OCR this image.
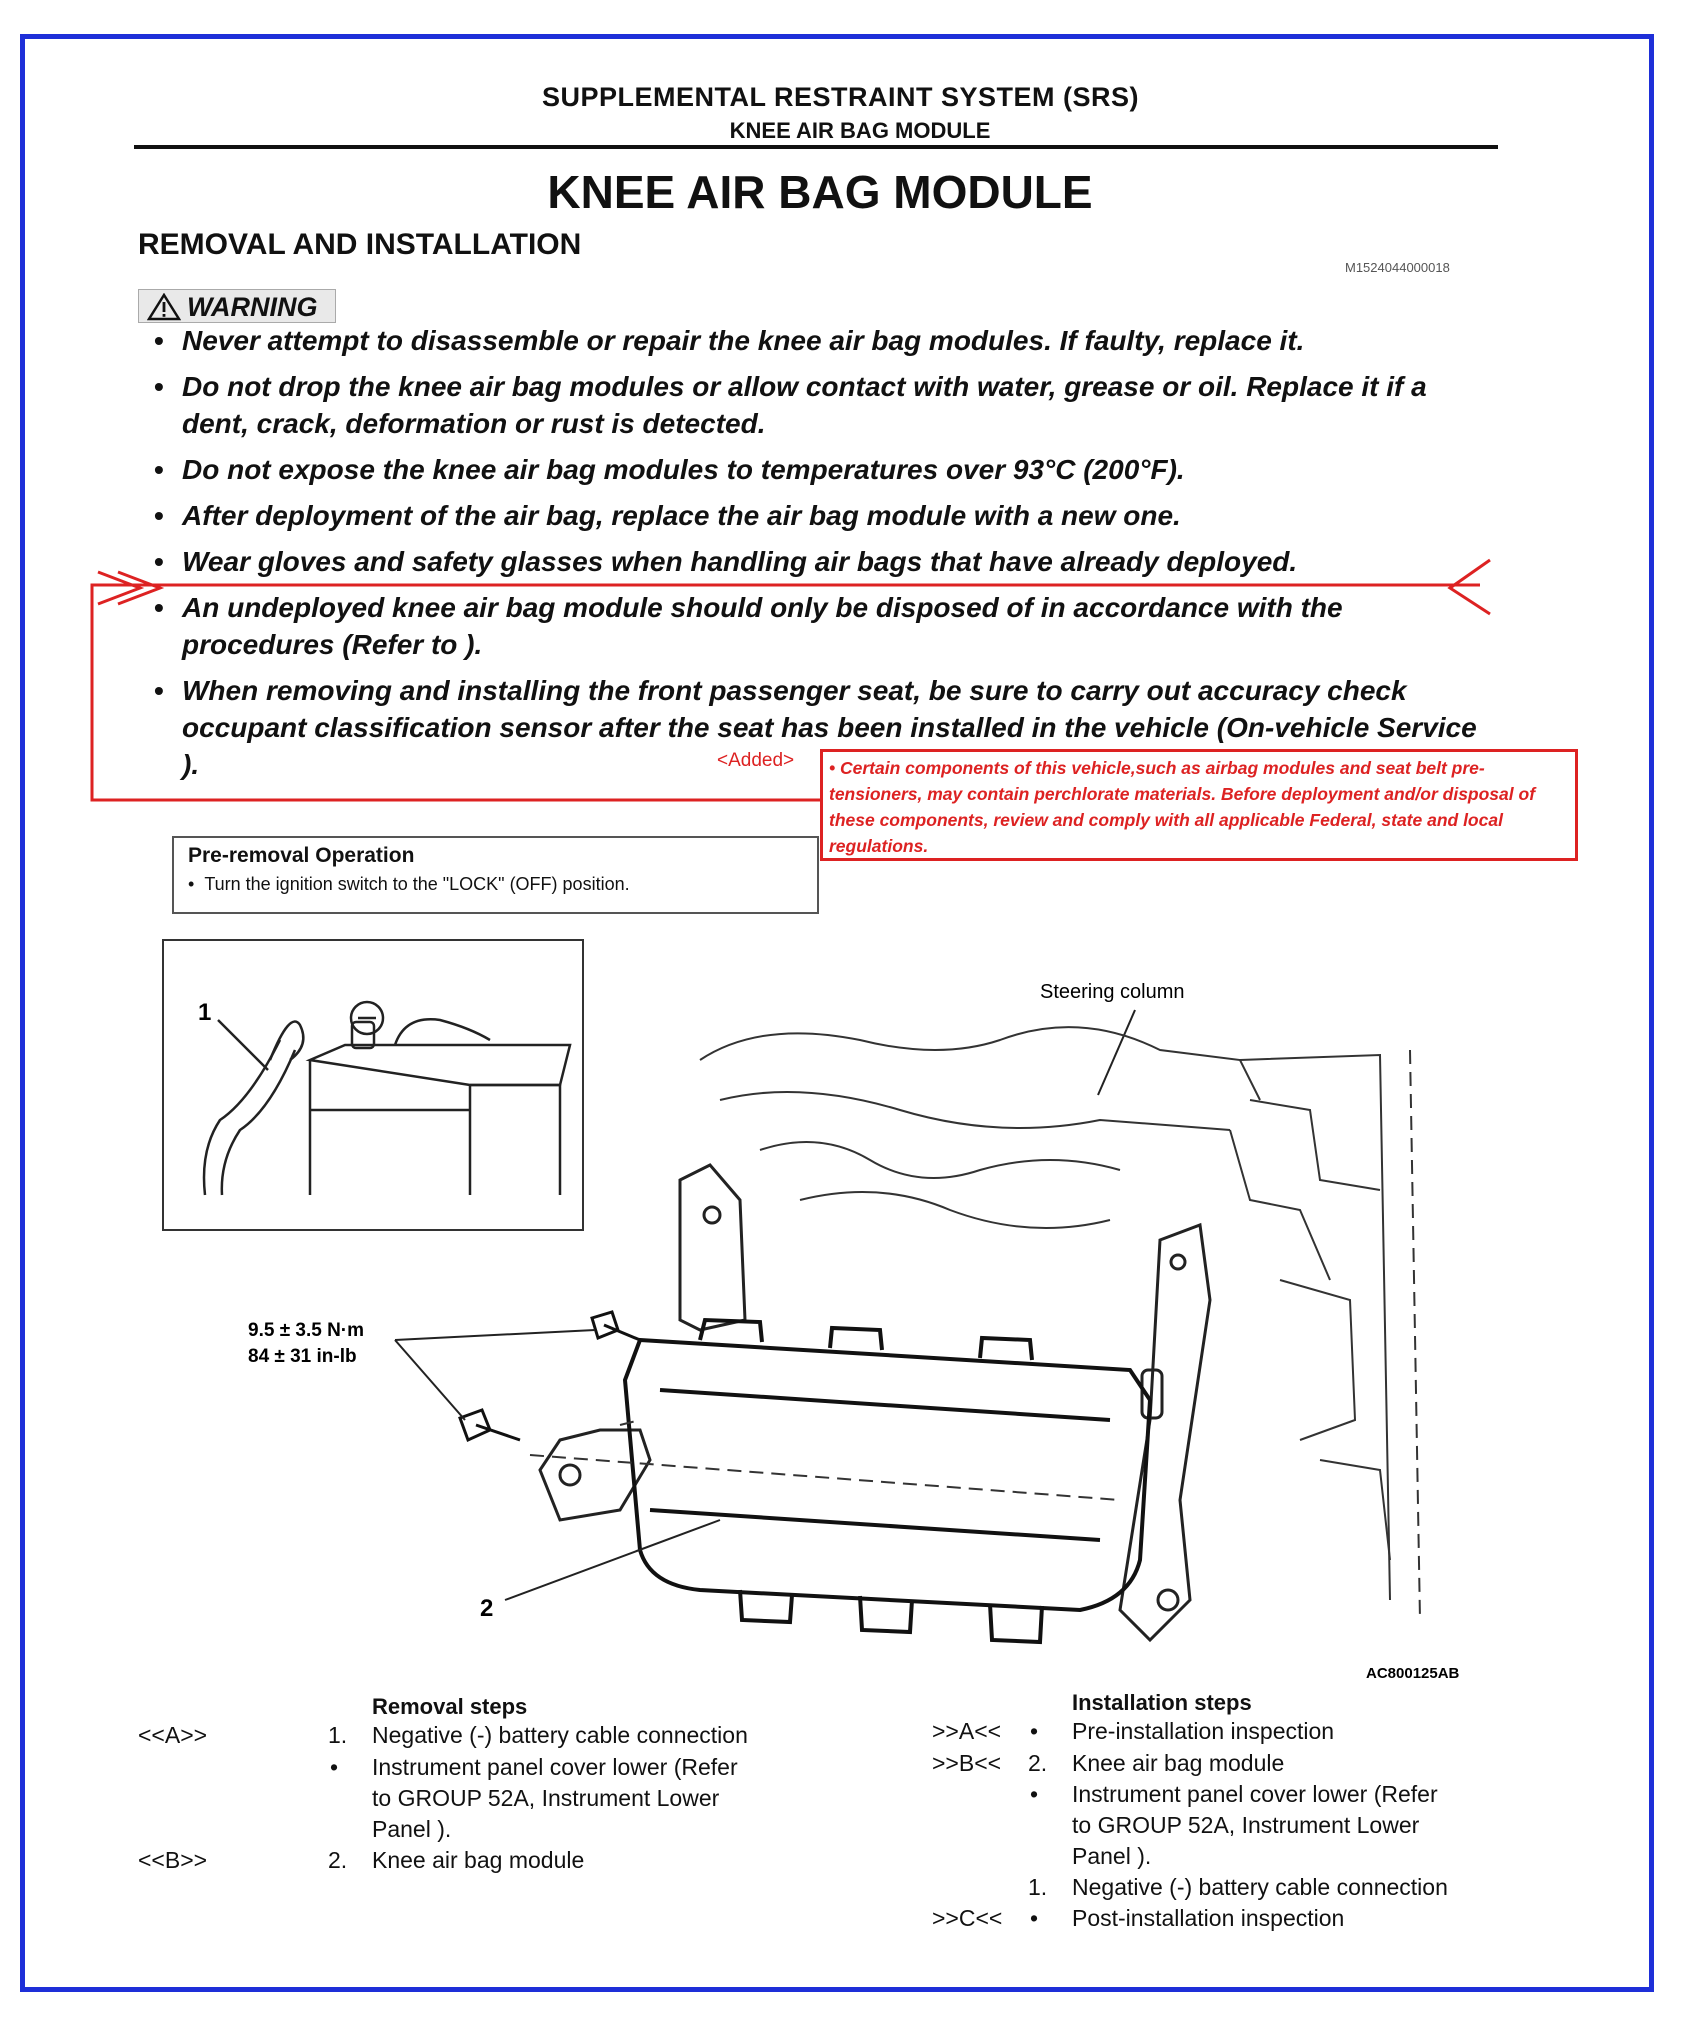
SUPPLEMENTAL RESTRAINT SYSTEM (SRS)
KNEE AIR BAG MODULE
KNEE AIR BAG MODULE
REMOVAL AND INSTALLATION
M1524044000018
WARNING
• Never attempt to disassemble or repair the knee air bag modules. If faulty, replace it.
• Do not drop the knee air bag modules or allow contact with water, grease or oil. Replace it if a dent, crack, deformation or rust is detected.
• Do not expose the knee air bag modules to temperatures over 93°C (200°F).
• After deployment of the air bag, replace the air bag module with a new one.
• Wear gloves and safety glasses when handling air bags that have already deployed.
• An undeployed knee air bag module should only be disposed of in accordance with the procedures (Refer to ).
• When removing and installing the front passenger seat, be sure to carry out accuracy check occupant classification sensor after the seat has been installed in the vehicle (On-vehicle Service ).	<Added>	• Certain components of this vehicle,such as airbag modules and seat belt pre-tensioners, may contain perchlorate materials. Before deployment and/or disposal of these components, review and comply with all applicable Federal, state and local regulations.
Pre-removal Operation
•  Turn the ignition switch to the "LOCK" (OFF) position.
1
Steering column
9.5 ± 3.5 N·m
84 ± 31 in-lb
2
AC800125AB
Removal steps
<<A>>	1. Negative (-) battery cable connection
• Instrument panel cover lower (Refer
to GROUP 52A, Instrument Lower
Panel ).
<<B>>	2. Knee air bag module
Installation steps
>>A<< • Pre-installation inspection
>>B<< 2. Knee air bag module
• Instrument panel cover lower (Refer
to GROUP 52A, Instrument Lower
Panel ).
1. Negative (-) battery cable connection
>>C<< • Post-installation inspection
